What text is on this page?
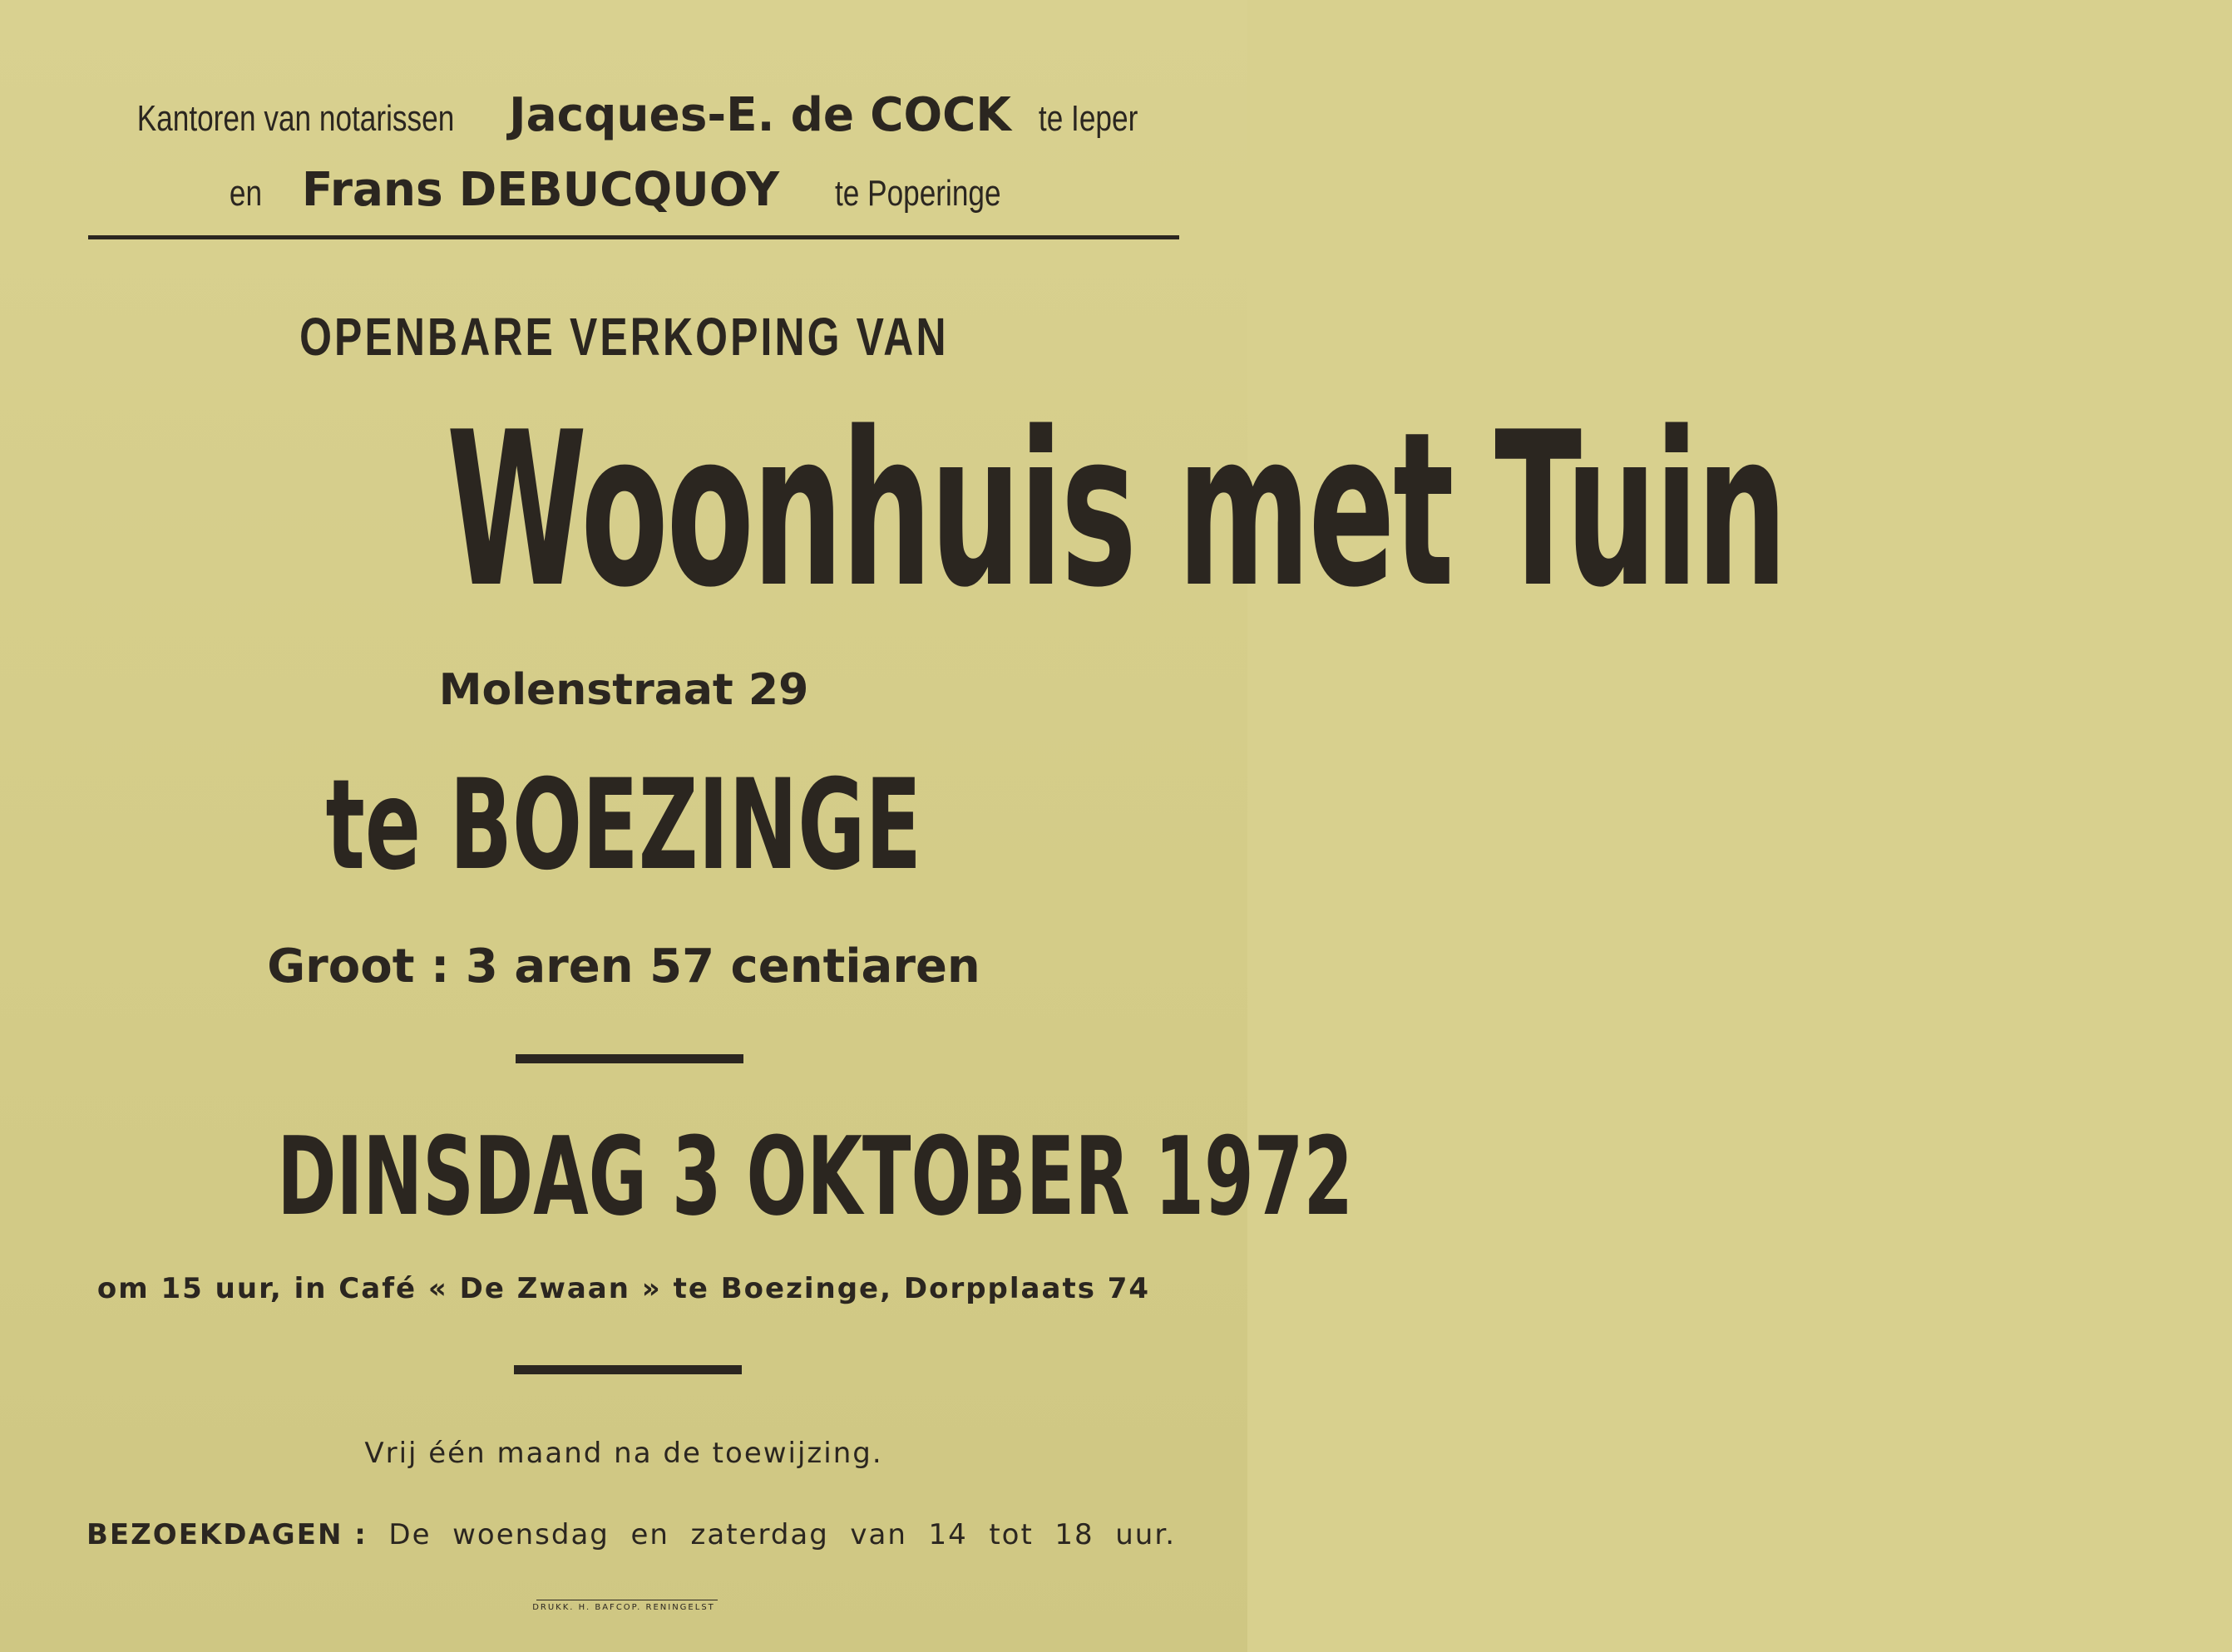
Kantoren van notarissen Jacques-E. de COCK te Ieper
en Frans DEBUCQUOY te Poperinge
OPENBARE VERKOPING VAN
Woonhuis met Tuin
Molenstraat 29
te BOEZINGE
Groot : 3 aren 57 centiaren
DINSDAG 3 OKTOBER 1972
om 15 uur, in Café « De Zwaan » te Boezinge, Dorpplaats 74
Vrij één maand na de toewijzing.
BEZOEKDAGEN : De woensdag en zaterdag van 14 tot 18 uur.
DRUKK. H. BAFCOP. RENINGELST
